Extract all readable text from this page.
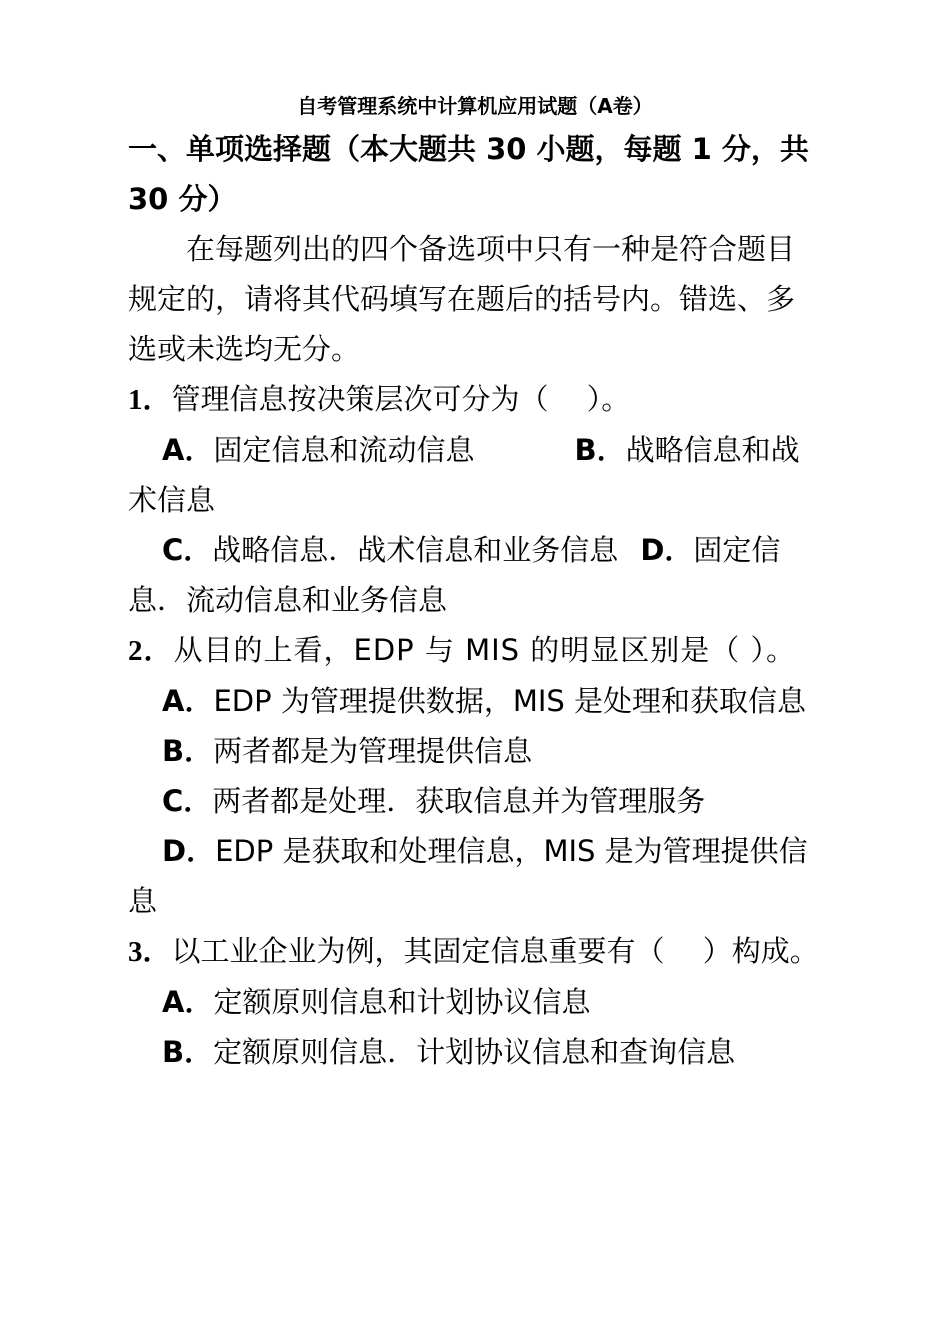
自考管理系统中计算机应用试题（A卷）

一、单项选择题（本大题共 30 小题，每题 1 分，共 30 分）

在每题列出的四个备选项中只有一种是符合题目规定的，请将其代码填写在题后的括号内。错选、多选或未选均无分。

1．管理信息按决策层次可分为（　 ）。

A．固定信息和流动信息	B．战略信息和战术信息

C．战略信息．战术信息和业务信息 D．固定信息．流动信息和业务信息

2．从目的上看，EDP 与 MIS 的明显区别是（ ）。

A．EDP 为管理提供数据，MIS 是处理和获取信息

B．两者都是为管理提供信息

C．两者都是处理．获取信息并为管理服务

D．EDP 是获取和处理信息，MIS 是为管理提供信息

3．以工业企业为例，其固定信息重要有（　 ）构成。

A．定额原则信息和计划协议信息

B．定额原则信息．计划协议信息和查询信息
